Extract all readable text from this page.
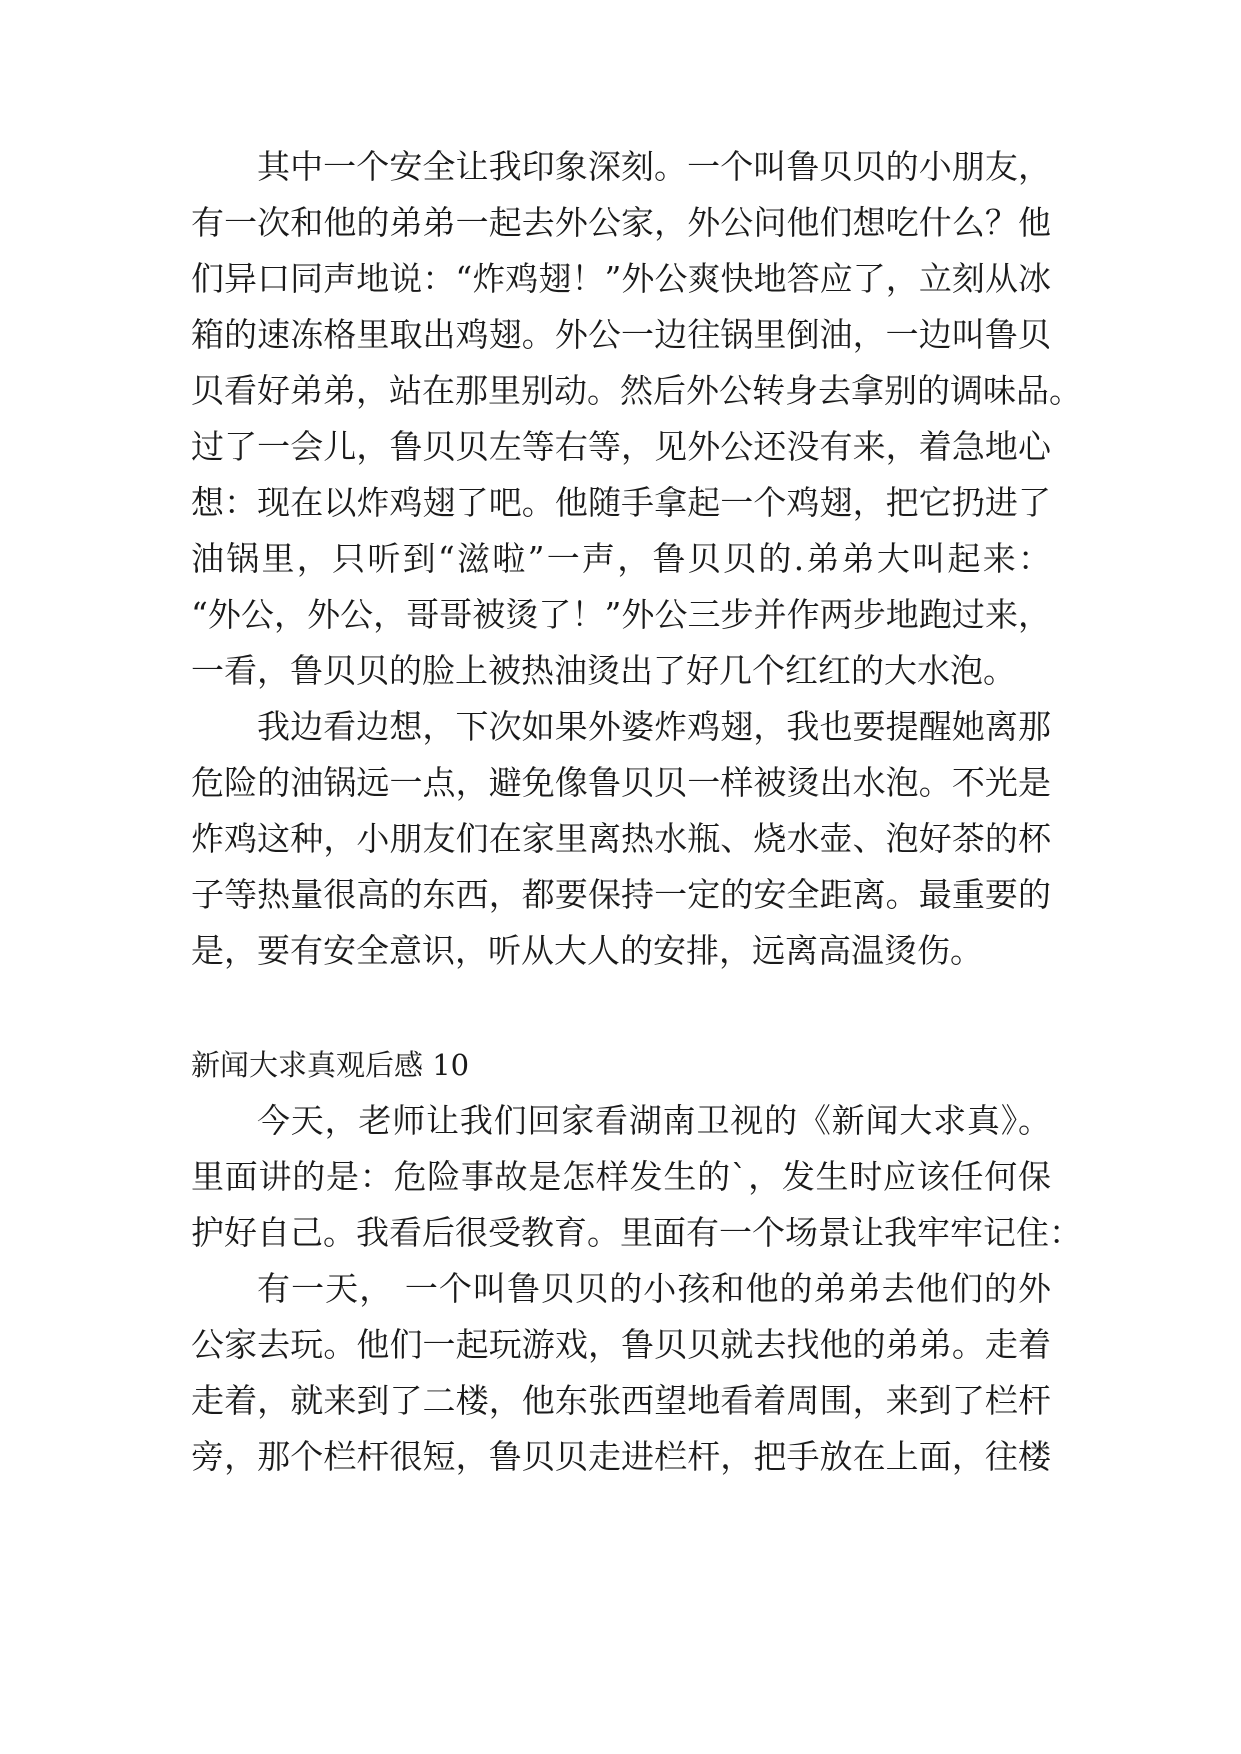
其中一个安全让我印象深刻。一个叫鲁贝贝的小朋友，
有一次和他的弟弟一起去外公家，外公问他们想吃什么？他
们异口同声地说：“炸鸡翅！”外公爽快地答应了，立刻从冰
箱的速冻格里取出鸡翅。外公一边往锅里倒油，一边叫鲁贝
贝看好弟弟，站在那里别动。然后外公转身去拿别的调味品。
过了一会儿，鲁贝贝左等右等，见外公还没有来，着急地心
想：现在以炸鸡翅了吧。他随手拿起一个鸡翅，把它扔进了
油锅里，只听到“滋啦”一声，鲁贝贝的.弟弟大叫起来：
“外公，外公，哥哥被烫了！”外公三步并作两步地跑过来，
一看，鲁贝贝的脸上被热油烫出了好几个红红的大水泡。
我边看边想，下次如果外婆炸鸡翅，我也要提醒她离那
危险的油锅远一点，避免像鲁贝贝一样被烫出水泡。不光是
炸鸡这种，小朋友们在家里离热水瓶、烧水壶、泡好茶的杯
子等热量很高的东西，都要保持一定的安全距离。最重要的
是，要有安全意识，听从大人的安排，远离高温烫伤。
新闻大求真观后感 10
今天，老师让我们回家看湖南卫视的《新闻大求真》。
里面讲的是：危险事故是怎样发生的`，发生时应该任何保
护好自己。我看后很受教育。里面有一个场景让我牢牢记住：
有一天， 一个叫鲁贝贝的小孩和他的弟弟去他们的外
公家去玩。他们一起玩游戏，鲁贝贝就去找他的弟弟。走着
走着，就来到了二楼，他东张西望地看着周围，来到了栏杆
旁，那个栏杆很短，鲁贝贝走进栏杆，把手放在上面，往楼
